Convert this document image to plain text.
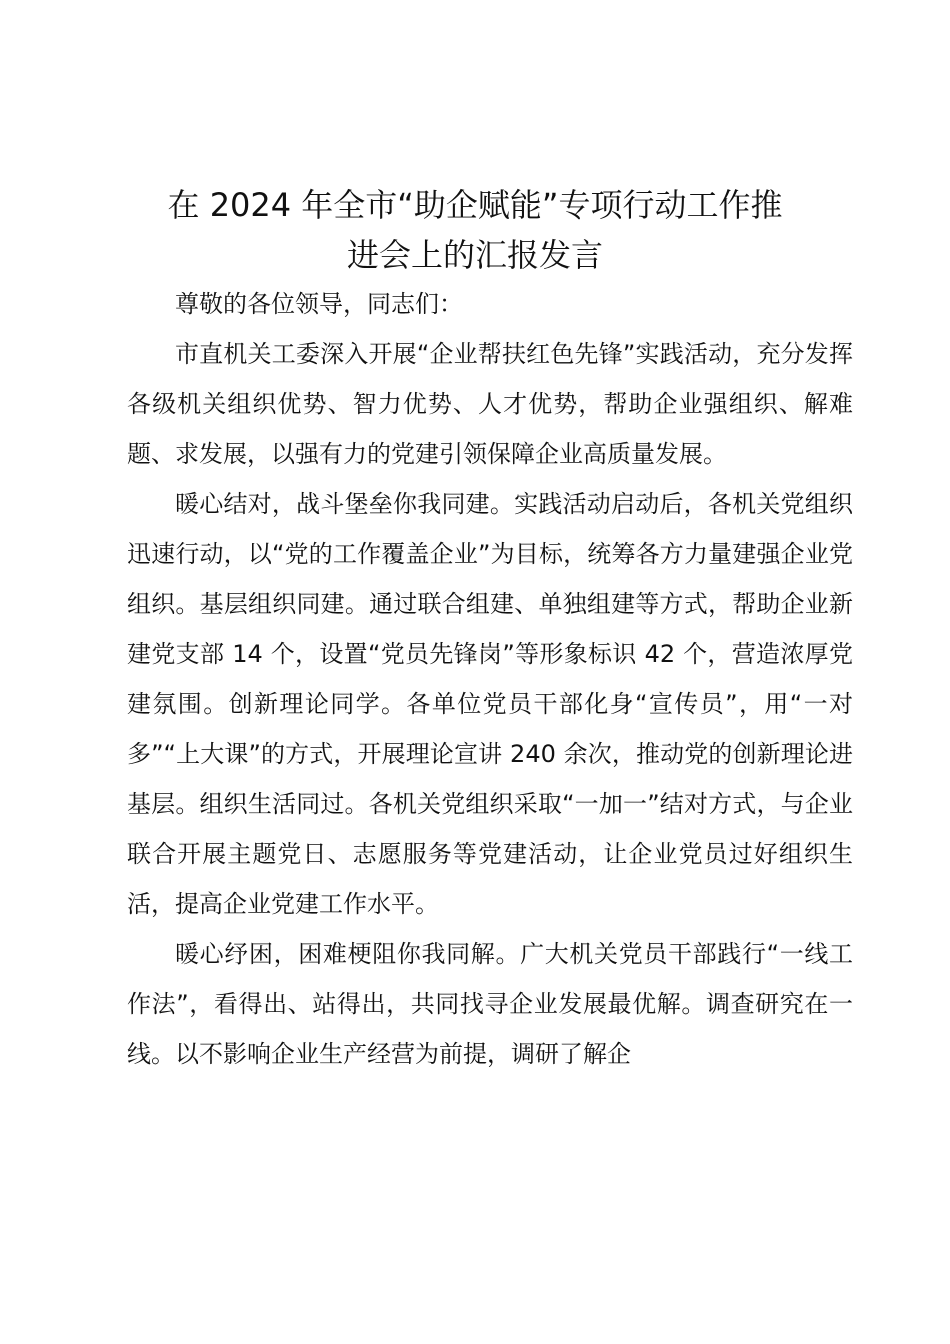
在 2024 年全市“助企赋能”专项行动工作推
进会上的汇报发言

尊敬的各位领导，同志们：

市直机关工委深入开展“企业帮扶红色先锋”实践活动，充分发挥各级机关组织优势、智力优势、人才优势，帮助企业强组织、解难题、求发展，以强有力的党建引领保障企业高质量发展。

暖心结对，战斗堡垒你我同建。实践活动启动后，各机关党组织迅速行动，以“党的工作覆盖企业”为目标，统筹各方力量建强企业党组织。基层组织同建。通过联合组建、单独组建等方式，帮助企业新建党支部 14 个，设置“党员先锋岗”等形象标识 42 个，营造浓厚党建氛围。创新理论同学。各单位党员干部化身“宣传员”，用“一对多”“上大课”的方式，开展理论宣讲 240 余次，推动党的创新理论进基层。组织生活同过。各机关党组织采取“一加一”结对方式，与企业联合开展主题党日、志愿服务等党建活动，让企业党员过好组织生活，提高企业党建工作水平。

暖心纾困，困难梗阻你我同解。广大机关党员干部践行“一线工作法”，看得出、站得出，共同找寻企业发展最优解。调查研究在一线。以不影响企业生产经营为前提，调研了解企
